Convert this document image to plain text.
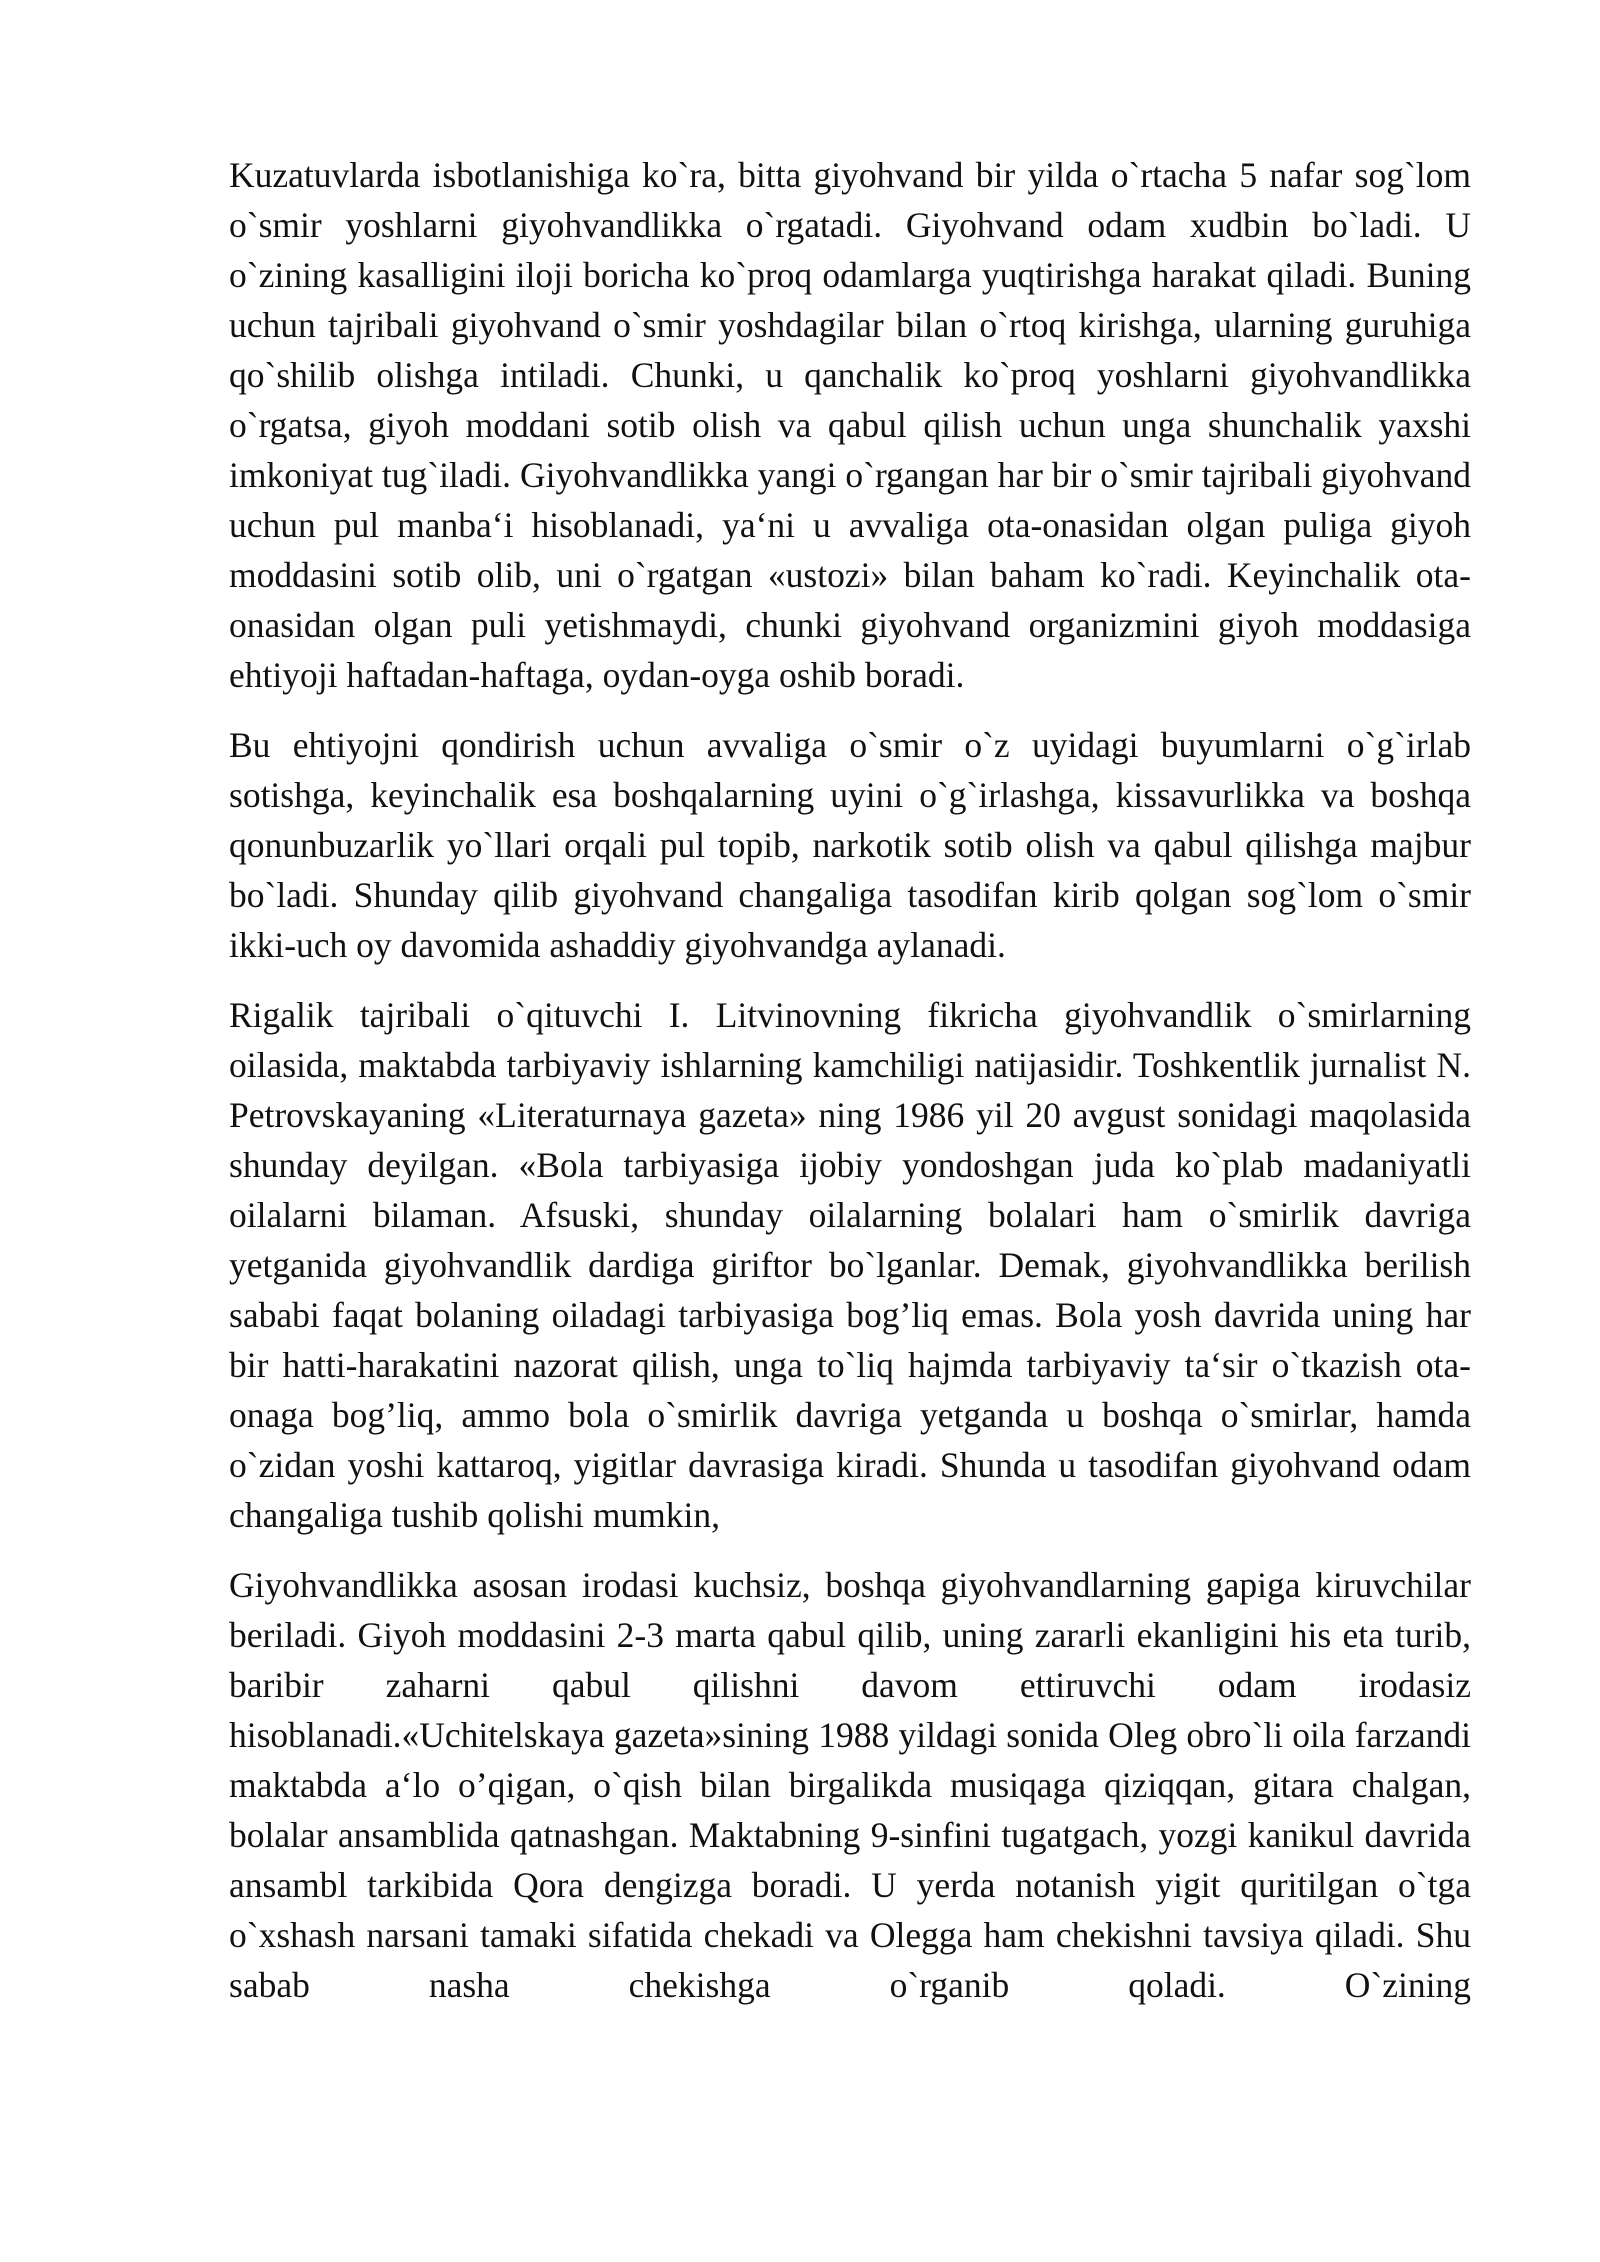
Kuzatuvlarda isbotlanishiga ko`ra, bitta giyohvand bir yilda o`rtacha 5 nafar sog`lom o`smir yoshlarni giyohvandlikka o`rgatadi. Giyohvand odam xudbin bo`ladi. U o`zining kasalligini iloji boricha ko`proq odamlarga yuqtirishga harakat qiladi. Buning uchun tajribali giyohvand o`smir yoshdagilar bilan o`rtoq kirishga, ularning guruhiga qo`shilib olishga intiladi. Chunki, u qanchalik ko`proq yoshlarni giyohvandlikka o`rgatsa, giyoh moddani sotib olish va qabul qilish uchun unga shunchalik yaxshi imkoniyat tug`iladi. Giyohvandlikka yangi o`rgangan har bir o`smir tajribali giyohvand uchun pul manba‘i hisoblanadi, ya‘ni u avvaliga ota-onasidan olgan puliga giyoh moddasini sotib olib, uni o`rgatgan «ustozi» bilan baham ko`radi. Keyinchalik ota-onasidan olgan puli yetishmaydi, chunki giyohvand organizmini giyoh moddasiga ehtiyoji haftadan-haftaga, oydan-oyga oshib boradi.

Bu ehtiyojni qondirish uchun avvaliga o`smir o`z uyidagi buyumlarni o`g`irlab sotishga, keyinchalik esa boshqalarning uyini o`g`irlashga, kissavurlikka va boshqa qonunbuzarlik yo`llari orqali pul topib, narkotik sotib olish va qabul qilishga majbur bo`ladi. Shunday qilib giyohvand changaliga tasodifan kirib qolgan sog`lom o`smir ikki-uch oy davomida ashaddiy giyohvandga aylanadi.

Rigalik tajribali o`qituvchi I. Litvinovning fikricha giyohvandlik o`smirlarning oilasida, maktabda tarbiyaviy ishlarning kamchiligi natijasidir. Toshkentlik jurnalist N. Petrovskayaning «Literaturnaya gazeta» ning 1986 yil 20 avgust sonidagi maqolasida shunday deyilgan. «Bola tarbiyasiga ijobiy yondoshgan juda ko`plab madaniyatli oilalarni bilaman. Afsuski, shunday oilalarning bolalari ham o`smirlik davriga yetganida giyohvandlik dardiga giriftor bo`lganlar. Demak, giyohvandlikka berilish sababi faqat bolaning oiladagi tarbiyasiga bog’liq emas. Bola yosh davrida uning har bir hatti-harakatini nazorat qilish, unga to`liq hajmda tarbiyaviy ta‘sir o`tkazish ota-onaga bog’liq, ammo bola o`smirlik davriga yetganda u boshqa o`smirlar, hamda o`zidan yoshi kattaroq, yigitlar davrasiga kiradi. Shunda u tasodifan giyohvand odam changaliga tushib qolishi mumkin,

Giyohvandlikka asosan irodasi kuchsiz, boshqa giyohvandlarning gapiga kiruvchilar beriladi. Giyoh moddasini 2-3 marta qabul qilib, uning zararli ekanligini his eta turib, baribir zaharni qabul qilishni davom ettiruvchi odam irodasiz hisoblanadi.«Uchitelskaya gazeta»sining 1988 yildagi sonida Oleg obro`li oila farzandi maktabda a‘lo o’qigan, o`qish bilan birgalikda musiqaga qiziqqan, gitara chalgan, bolalar ansamblida qatnashgan. Maktabning 9-sinfini tugatgach, yozgi kanikul davrida ansambl tarkibida Qora dengizga boradi. U yerda notanish yigit quritilgan o`tga o`xshash narsani tamaki sifatida chekadi va Olegga ham chekishni tavsiya qiladi. Shu sabab nasha chekishga o`rganib qoladi. O`zining
